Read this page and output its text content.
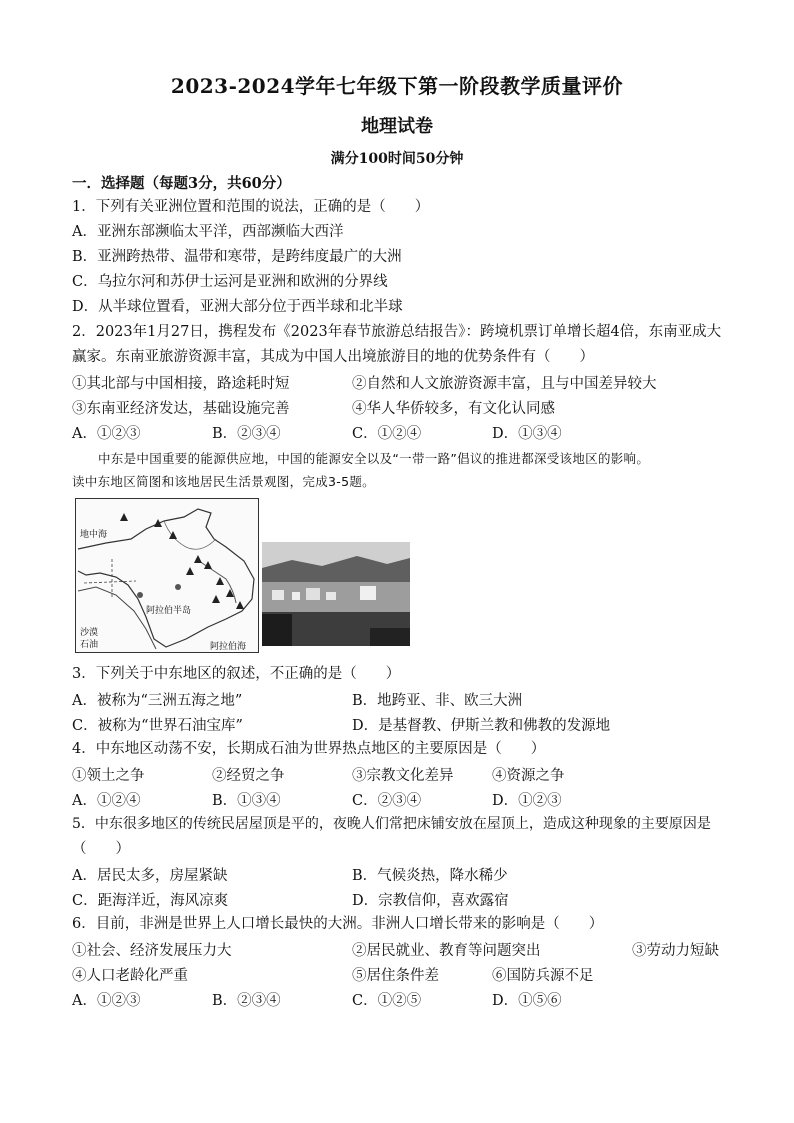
2023-2024学年七年级下第一阶段教学质量评价
地理试卷
满分100时间50分钟
一．选择题（每题3分，共60分）
1．下列有关亚洲位置和范围的说法，正确的是（　　）
A．亚洲东部濒临太平洋，西部濒临大西洋
B．亚洲跨热带、温带和寒带，是跨纬度最广的大洲
C．乌拉尔河和苏伊士运河是亚洲和欧洲的分界线
D．从半球位置看，亚洲大部分位于西半球和北半球
2．2023年1月27日，携程发布《2023年春节旅游总结报告》：跨境机票订单增长超4倍，东南亚成大
赢家。东南亚旅游资源丰富，其成为中国人出境旅游目的地的优势条件有（　　）
①其北部与中国相接，路途耗时短	②自然和人文旅游资源丰富，且与中国差异较大
③东南亚经济发达，基础设施完善	④华人华侨较多，有文化认同感
A．①②③	B．②③④	C．①②④	D．①③④
中东是中国重要的能源供应地，中国的能源安全以及“一带一路”倡议的推进都深受该地区的影响。
读中东地区简图和该地居民生活景观图，完成3-5题。
地中海
阿拉伯半岛
阿拉伯海
沙漠
石油
3．下列关于中东地区的叙述，不正确的是（　　）
A．被称为“三洲五海之地”	B．地跨亚、非、欧三大洲
C．被称为“世界石油宝库”	D．是基督教、伊斯兰教和佛教的发源地
4．中东地区动荡不安，长期成石油为世界热点地区的主要原因是（　　）
①领土之争	②经贸之争	③宗教文化差异	④资源之争
A．①②④	B．①③④	C．②③④	D．①②③
5．中东很多地区的传统民居屋顶是平的，夜晚人们常把床铺安放在屋顶上，造成这种现象的主要原因是
（　　）
A．居民太多，房屋紧缺	B．气候炎热，降水稀少
C．距海洋近，海风凉爽	D．宗教信仰，喜欢露宿
6．目前，非洲是世界上人口增长最快的大洲。非洲人口增长带来的影响是（　　）
①社会、经济发展压力大	②居民就业、教育等问题突出	③劳动力短缺
④人口老龄化严重	⑤居住条件差	⑥国防兵源不足
A．①②③	B．②③④	C．①②⑤	D．①⑤⑥
